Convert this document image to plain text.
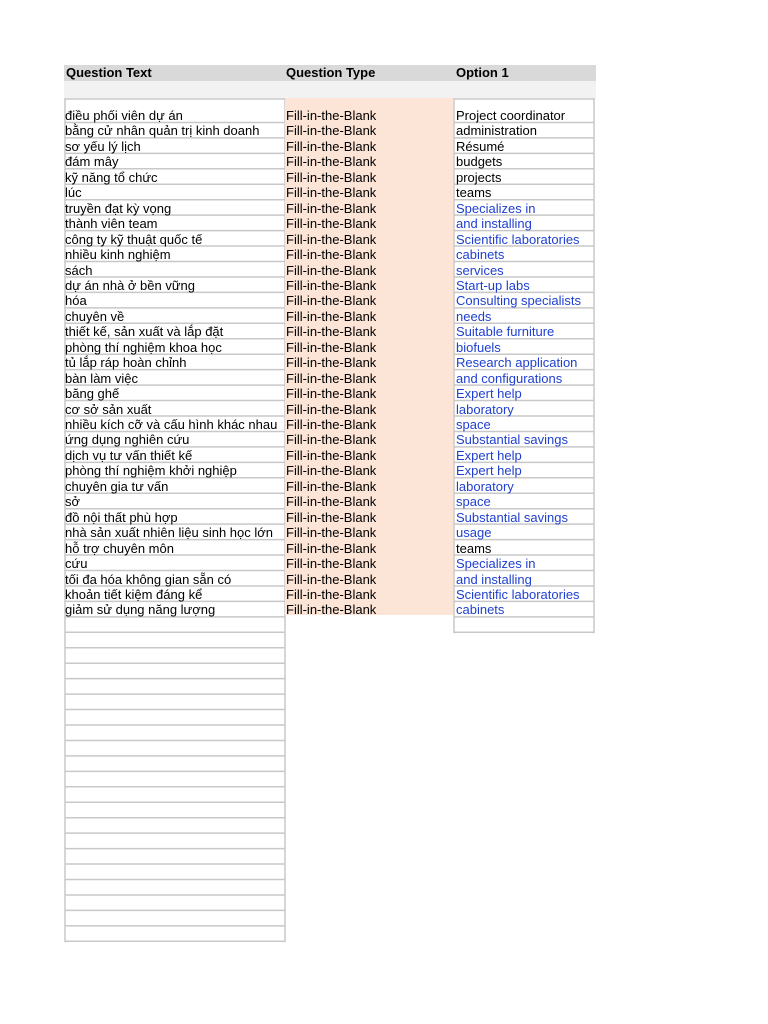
Question Text	Question Type	Option 1
điều phối viên dự án	Fill-in-the-Blank	Project coordinator
bằng cử nhân quản trị kinh doanh	Fill-in-the-Blank	administration
sơ yếu lý lịch	Fill-in-the-Blank	Résumé
đám mây	Fill-in-the-Blank	budgets
kỹ năng tổ chức	Fill-in-the-Blank	projects
lúc	Fill-in-the-Blank	teams
truyền đạt kỳ vọng	Fill-in-the-Blank	Specializes in
thành viên team	Fill-in-the-Blank	and installing
công ty kỹ thuật quốc tế	Fill-in-the-Blank	Scientific laboratories
nhiều kinh nghiệm	Fill-in-the-Blank	cabinets
sách	Fill-in-the-Blank	services
dự án nhà ở bền vững	Fill-in-the-Blank	Start-up labs
hóa	Fill-in-the-Blank	Consulting specialists
chuyên về	Fill-in-the-Blank	needs
thiết kế, sản xuất và lắp đặt	Fill-in-the-Blank	Suitable furniture
phòng thí nghiệm khoa học	Fill-in-the-Blank	biofuels
tủ lắp ráp hoàn chỉnh	Fill-in-the-Blank	Research application
bàn làm việc	Fill-in-the-Blank	and configurations
băng ghế	Fill-in-the-Blank	Expert help
cơ sở sản xuất	Fill-in-the-Blank	laboratory
nhiều kích cỡ và cấu hình khác nhau Fill-in-the-Blank	space
ứng dụng nghiên cứu	Fill-in-the-Blank	Substantial savings
dịch vụ tư vấn thiết kế	Fill-in-the-Blank	Expert help
phòng thí nghiệm khởi nghiệp	Fill-in-the-Blank	Expert help
chuyên gia tư vấn	Fill-in-the-Blank	laboratory
sở	Fill-in-the-Blank	space
đồ nội thất phù hợp	Fill-in-the-Blank	Substantial savings
nhà sản xuất nhiên liệu sinh học lớn	Fill-in-the-Blank	usage
hỗ trợ chuyên môn	Fill-in-the-Blank	teams
cứu	Fill-in-the-Blank	Specializes in
tối đa hóa không gian sẵn có	Fill-in-the-Blank	and installing
khoản tiết kiệm đáng kể	Fill-in-the-Blank	Scientific laboratories
giảm sử dụng năng lượng	Fill-in-the-Blank	cabinets
